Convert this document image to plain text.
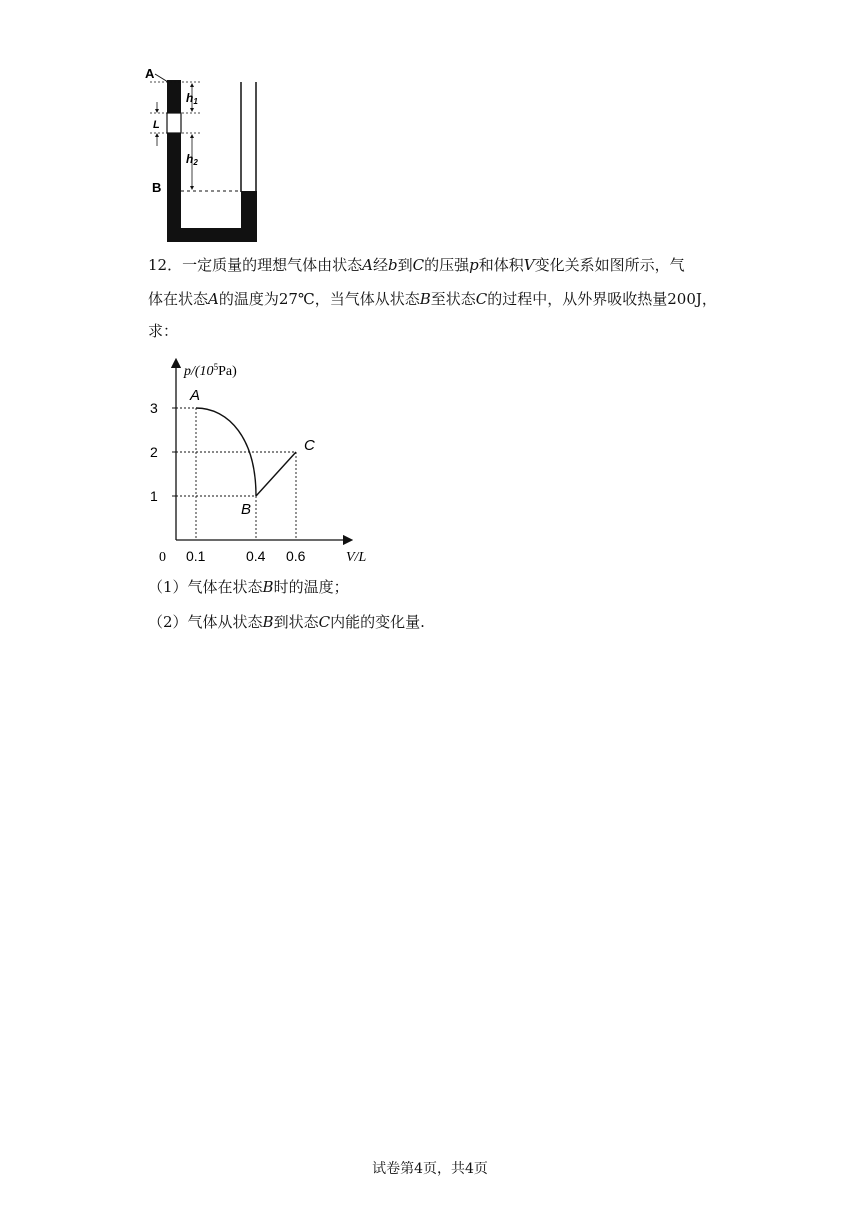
A
B
L
h1
h2
12．一定质量的理想气体由状态A经b到C的压强p和体积V变化关系如图所示，气
体在状态A的温度为27℃，当气体从状态B至状态C的过程中，从外界吸收热量200J，
求：
0.1	0.4 0.6
3
2
1
A
B
C
$p/(10^5Pa)$
V/L
0
（1）气体在状态B时的温度；
（2）气体从状态B到状态C内能的变化量.
试卷第4页，共4页
